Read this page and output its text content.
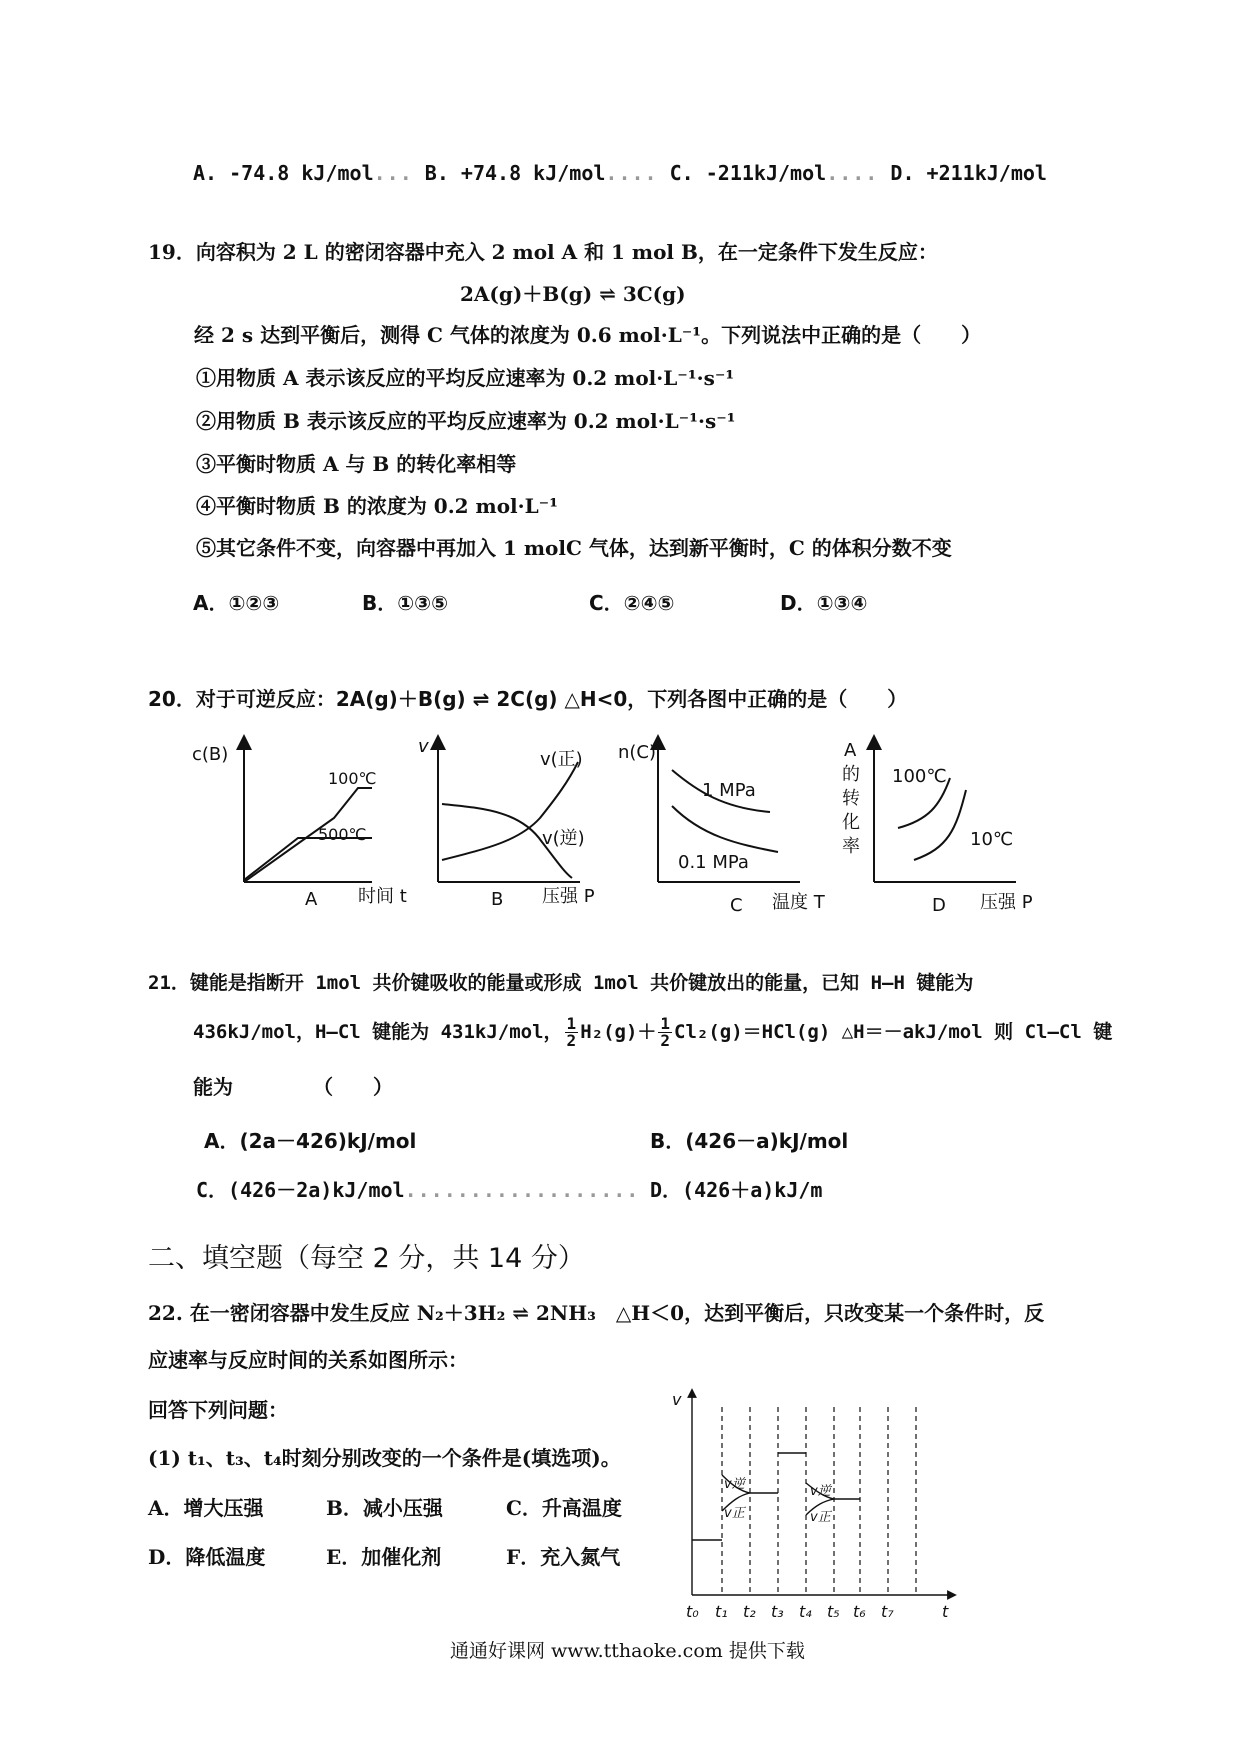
A. -74.8 kJ/mol... B. +74.8 kJ/mol.... C. -211kJ/mol.... D. +211kJ/mol
19．向容积为 2 L 的密闭容器中充入 2 mol A 和 1 mol B，在一定条件下发生反应：
2A(g)＋B(g) ⇌ 3C(g)
经 2 s 达到平衡后，测得 C 气体的浓度为 0.6 mol·L⁻¹。下列说法中正确的是（　　）
①用物质 A 表示该反应的平均反应速率为 0.2 mol·L⁻¹·s⁻¹
②用物质 B 表示该反应的平均反应速率为 0.2 mol·L⁻¹·s⁻¹
③平衡时物质 A 与 B 的转化率相等
④平衡时物质 B 的浓度为 0.2 mol·L⁻¹
⑤其它条件不变，向容器中再加入 1 molC 气体，达到新平衡时，C 的体积分数不变
A．①②③	B．①③⑤	C．②④⑤	D．①③④
20．对于可逆反应：2A(g)＋B(g) ⇌ 2C(g) △H<0，下列各图中正确的是（　　）
c(B)
100℃
500℃
A 时间 t
v
v(正)
v(逆)
B 压强 P
n(C)
1 MPa
0.1 MPa
C 温度 T
A
的
转
化
率
100℃
10℃
D 压强 P
21．键能是指断开 1mol 共价键吸收的能量或形成 1mol 共价键放出的能量，已知 H—H 键能为
436kJ/mol，H—Cl 键能为 431kJ/mol， $\frac{1}{2} H_2(g)+ \frac{1}{2} Cl_2(g)=HCl(g)$ △H＝－akJ/mol 则 Cl—Cl 键
能为	（　　）
A．(2a－426)kJ/mol	B．(426－a)kJ/mol
C．(426－2a)kJ/mol.................. D．(426＋a)kJ/m
二、填空题（每空 2 分，共 14 分）
22. 在一密闭容器中发生反应 N₂＋3H₂ ⇌ 2NH₃　△H＜0，达到平衡后，只改变某一个条件时，反
应速率与反应时间的关系如图所示：
回答下列问题：
(1) t₁、t₃、t₄时刻分别改变的一个条件是(填选项)。
A．增大压强	B．减小压强	C．升高温度
D．降低温度	E．加催化剂	F．充入氮气
v
t
v逆
v正
v逆
v正
t₀ t₁ t₂ t₃ t₄ t₅ t₆ t₇
通通好课网 www.tthaoke.com 提供下载
